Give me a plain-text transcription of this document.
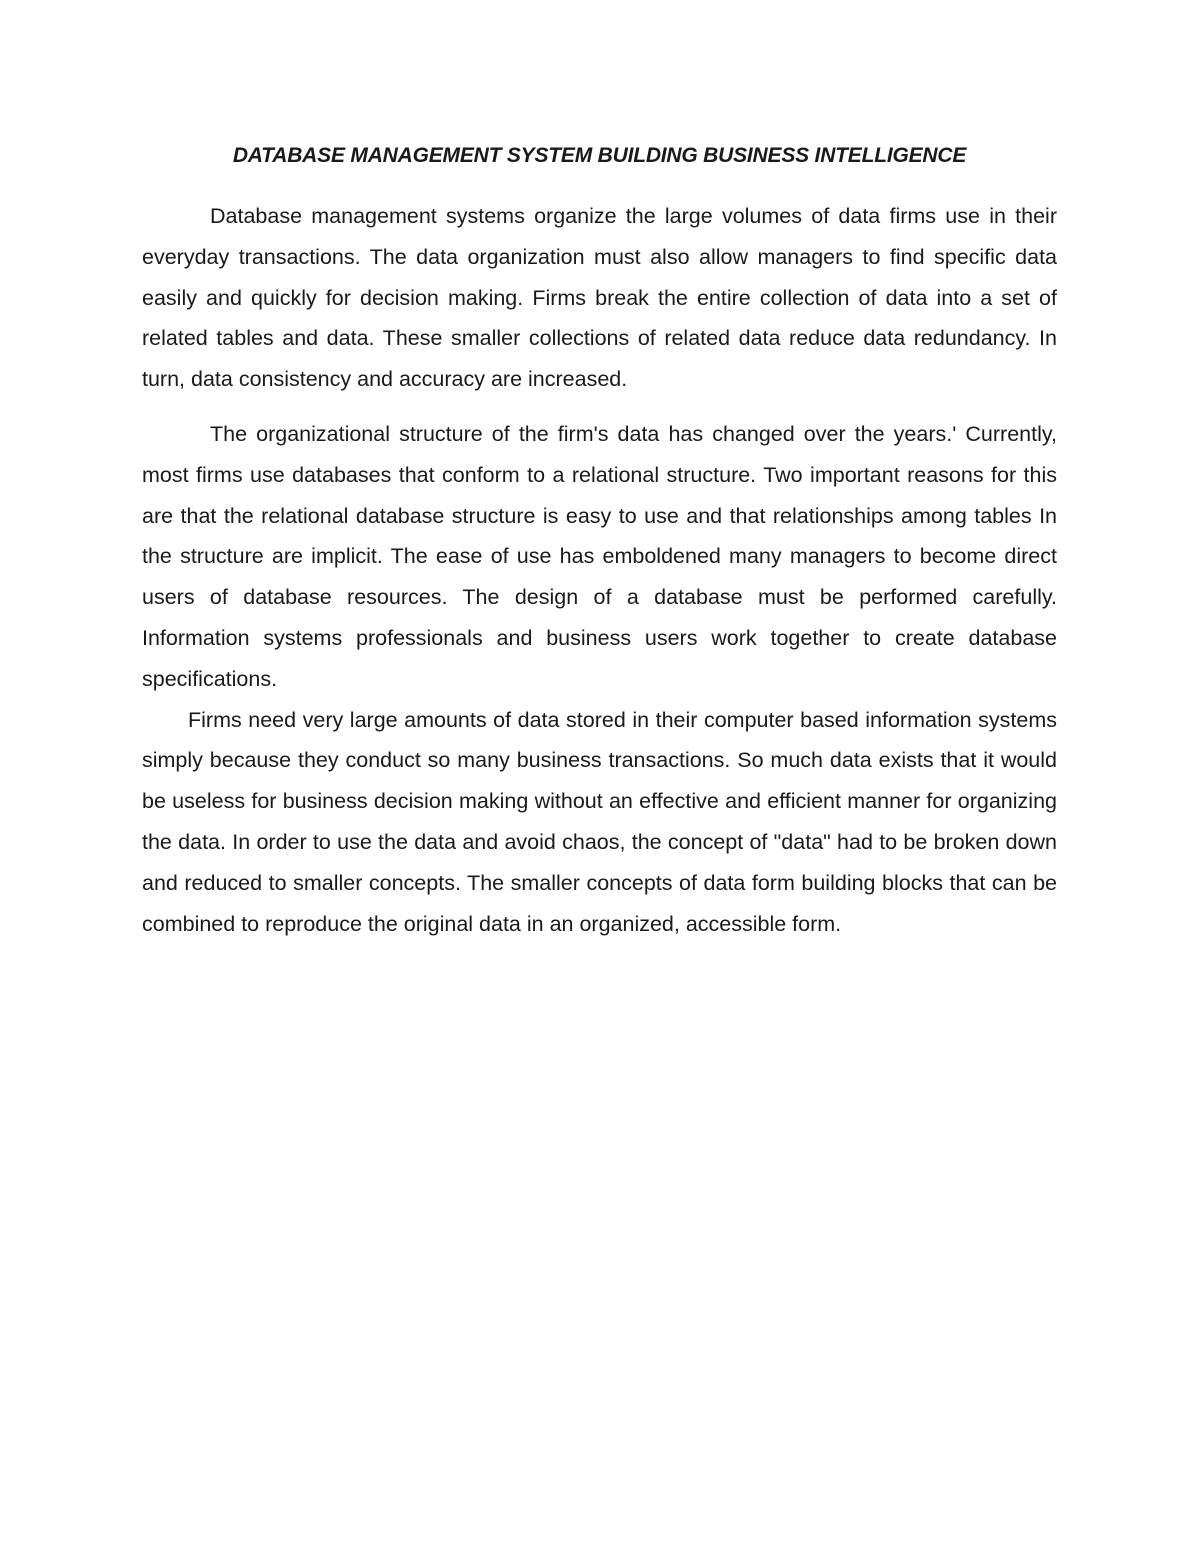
DATABASE MANAGEMENT SYSTEM BUILDING BUSINESS INTELLIGENCE

Database management systems organize the large volumes of data firms use in their everyday transactions. The data organization must also allow managers to find specific data easily and quickly for decision making. Firms break the entire collection of data into a set of related tables and data. These smaller collections of related data reduce data redundancy. In turn, data consistency and accuracy are increased.

The organizational structure of the firm's data has changed over the years.' Currently, most firms use databases that conform to a relational structure. Two important reasons for this are that the relational database structure is easy to use and that relationships among tables In the structure are implicit. The ease of use has emboldened many managers to become direct users of database resources. The design of a database must be performed carefully. Information systems professionals and business users work together to create database specifications.

Firms need very large amounts of data stored in their computer based information systems simply because they conduct so many business transactions. So much data exists that it would be useless for business decision making without an effective and efficient manner for organizing the data. In order to use the data and avoid chaos, the concept of "data" had to be broken down and reduced to smaller concepts. The smaller concepts of data form building blocks that can be combined to reproduce the original data in an organized, accessible form.
